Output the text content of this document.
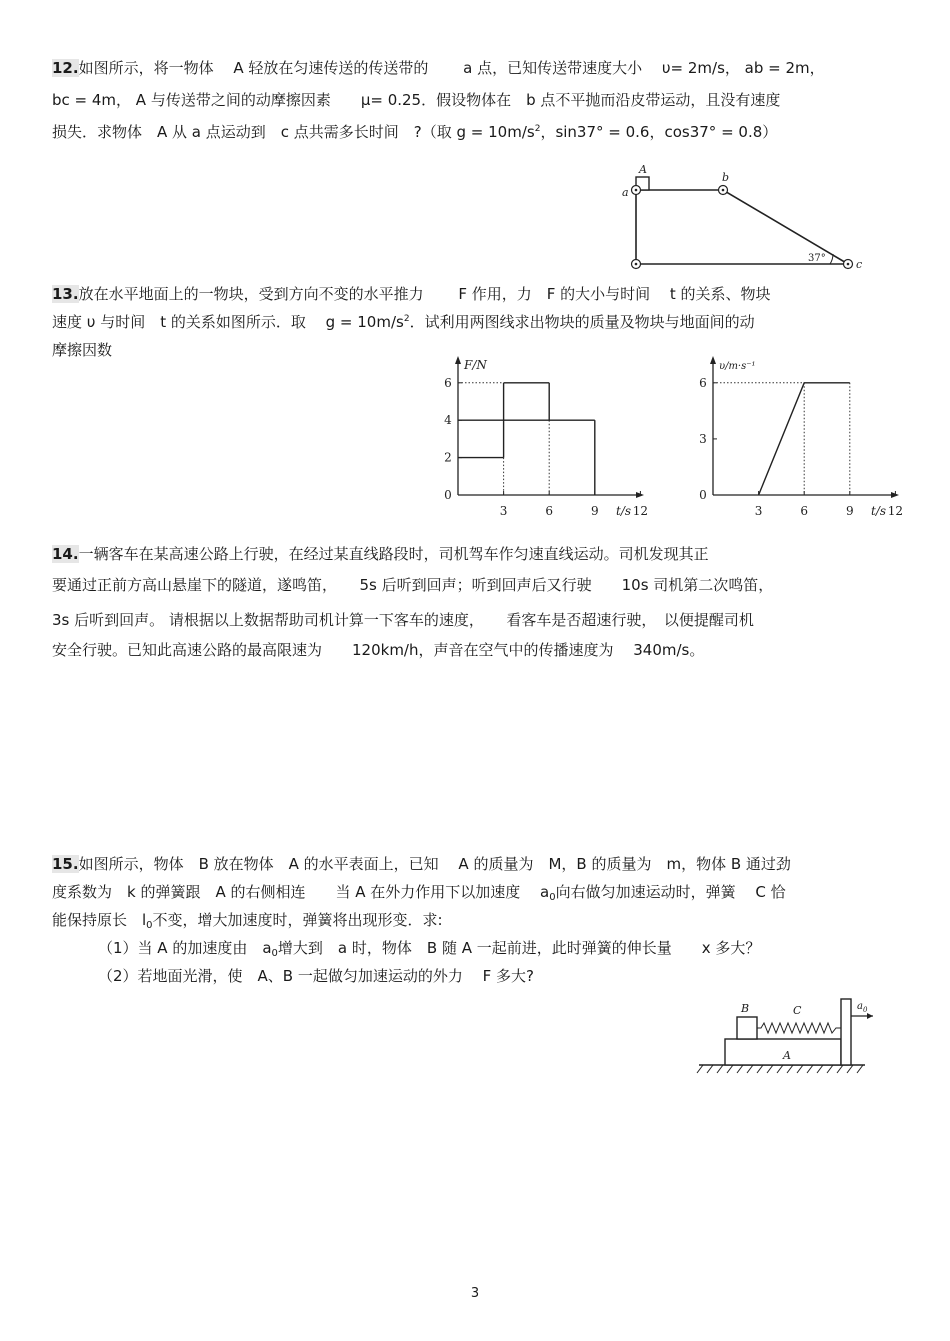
12.如图所示，将一物体　 A 轻放在匀速传送的传送带的　　 a 点，已知传送带速度大小　 υ= 2m/s， ab = 2m，
bc = 4m， A 与传送带之间的动摩擦因素　　μ= 0.25．假设物体在　b 点不平抛而沿皮带运动，且没有速度
损失．求物体　A 从 a 点运动到　c 点共需多长时间　?（取 $g = 10m/s^2$，sin37° = 0.6，cos37° = 0.8）
A
a
b
c
37°
13.放在水平地面上的一物块，受到方向不变的水平推力　　 F 作用，力　F 的大小与时间　 t 的关系、物块
速度 υ 与时间　t 的关系如图所示．取　 $g = 10m/s^2$．试利用两图线求出物块的质量及物块与地面间的动
摩擦因数
F/N
t/s
3	6	9	12
0
2
4
6
υ/m·s⁻¹
t/s
3	6	9	12
0
3
6
14.一辆客车在某高速公路上行驶，在经过某直线路段时，司机驾车作匀速直线运动。司机发现其正
要通过正前方高山悬崖下的隧道，遂鸣笛，　　5s 后听到回声；听到回声后又行驶　　10s 司机第二次鸣笛，
3s 后听到回声。 请根据以上数据帮助司机计算一下客车的速度，　　看客车是否超速行驶，　以便提醒司机
安全行驶。已知此高速公路的最高限速为　　120km/h，声音在空气中的传播速度为　 340m/s。
15.如图所示，物体　B 放在物体　A 的水平表面上，已知　 A 的质量为　M，B 的质量为　m，物体 B 通过劲
度系数为　k 的弹簧跟　A 的右侧相连　　当 A 在外力作用下以加速度　 $a_0$向右做匀加速运动时，弹簧　 C 恰
能保持原长　$l_0$不变，增大加速度时，弹簧将出现形变．求:
（1）当 A 的加速度由　$a_0$增大到　a 时，物体　B 随 A 一起前进，此时弹簧的伸长量　　x 多大？
（2）若地面光滑，使　A、B 一起做匀加速运动的外力　 F 多大?
B	C
A
$a_0$
3
